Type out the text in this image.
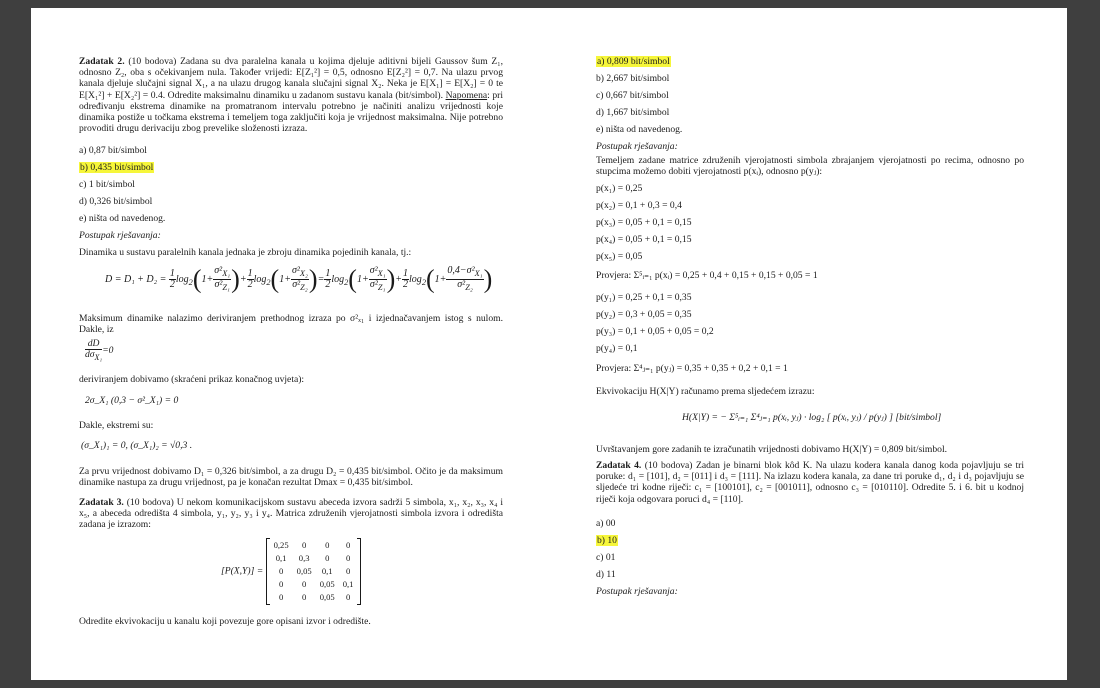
Zadatak 2. (10 bodova) Zadana su dva paralelna kanala u kojima djeluje aditivni bijeli Gaussov šum Z₁, odnosno Z₂, oba s očekivanjem nula. Također vrijedi: E[Z₁²] = 0,5, odnosno E[Z₂²] = 0,7. Na ulazu prvog kanala djeluje slučajni signal X₁, a na ulazu drugog kanala slučajni signal X₂. Neka je E[X₁] = E[X₂] = 0 te E[X₁²] + E[X₂²] = 0.4. Odredite maksimalnu dinamiku u zadanom sustavu kanala (bit/simbol). Napomena: pri određivanju ekstrema dinamike na promatranom intervalu potrebno je načiniti analizu vrijednosti koje dinamika postiže u točkama ekstrema i temeljem toga zaključiti koja je vrijednost maksimalna. Nije potrebno provoditi drugu derivaciju zbog prevelike složenosti izraza.
a) 0,87 bit/simbol
b) 0,435 bit/simbol
c) 1 bit/simbol
d) 0,326 bit/simbol
e) ništa od navedenog.
Postupak rješavanja:
Dinamika u sustavu paralelnih kanala jednaka je zbroju dinamika pojedinih kanala, tj.:
$D = D_1 + D_2 = \frac{1}{2} \log_2(1+ \frac{\sigma^2_{X_1}}{\sigma^2_{Z_1}}$ )+ $\frac{1}{2} \log_2(1+ \frac{\sigma^2_{X_2}}{\sigma^2_{Z_2}}$ )= $\frac{1}{2} \log_2(1+ \frac{\sigma^2_{X_1}}{\sigma^2_{Z_1}}$ )+ $\frac{1}{2} \log_2(1+ \frac{0,4-\sigma^2_{X_1}}{\sigma^2_{Z_2}}$ )
Maksimum dinamike nalazimo deriviranjem prethodnog izraza po σ²ₓ₁ i izjednačavanjem istog s nulom. Dakle, iz
$\frac{dD}{d\sigma_{X_1}} =0$
deriviranjem dobivamo (skraćeni prikaz konačnog uvjeta):
2σ_X₁ (0,3 − σ²_X₁) = 0
Dakle, ekstremi su:
(σ_X₁)₁ = 0, (σ_X₁)₂ = √0,3 .
Za prvu vrijednost dobivamo D₁ = 0,326 bit/simbol, a za drugu D₂ = 0,435 bit/simbol. Očito je da maksimum dinamike nastupa za drugu vrijednost, pa je konačan rezultat Dmax = 0,435 bit/simbol.
Zadatak 3. (10 bodova) U nekom komunikacijskom sustavu abeceda izvora sadrži 5 simbola, x₁, x₂, x₃, x₄ i x₅, a abeceda odredišta 4 simbola, y₁, y₂, y₃ i y₄. Matrica združenih vjerojatnosti simbola izvora i odredišta zadana je izrazom:
[P(X,Y)] =
0,25	0	0	0
0,1	0,3	0	0
0	0,05	0,1	0
0	0	0,05	0,1
0	0	0,05	0
Odredite ekvivokaciju u kanalu koji povezuje gore opisani izvor i odredište.
a) 0,809 bit/simbol
b) 2,667 bit/simbol
c) 0,667 bit/simbol
d) 1,667 bit/simbol
e) ništa od navedenog.
Postupak rješavanja:
Temeljem zadane matrice združenih vjerojatnosti simbola zbrajanjem vjerojatnosti po recima, odnosno po stupcima možemo dobiti vjerojatnosti p(xᵢ), odnosno p(yⱼ):
p(x₁) = 0,25
p(x₂) = 0,1 + 0,3 = 0,4
p(x₃) = 0,05 + 0,1 = 0,15
p(x₄) = 0,05 + 0,1 = 0,15
p(x₅) = 0,05
Provjera: Σ⁵ᵢ₌₁ p(xᵢ) = 0,25 + 0,4 + 0,15 + 0,15 + 0,05 = 1
p(y₁) = 0,25 + 0,1 = 0,35
p(y₂) = 0,3 + 0,05 = 0,35
p(y₃) = 0,1 + 0,05 + 0,05 = 0,2
p(y₄) = 0,1
Provjera: Σ⁴ⱼ₌₁ p(yⱼ) = 0,35 + 0,35 + 0,2 + 0,1 = 1
Ekvivokaciju H(X|Y) računamo prema sljedećem izrazu:
H(X|Y) = − Σ⁵ᵢ₌₁ Σ⁴ⱼ₌₁ p(xᵢ, yⱼ) · log₂ [ p(xᵢ, yⱼ) / p(yⱼ) ] [bit/simbol]
Uvrštavanjem gore zadanih te izračunatih vrijednosti dobivamo H(X|Y) = 0,809 bit/simbol.
Zadatak 4. (10 bodova) Zadan je binarni blok kôd K. Na ulazu kodera kanala danog koda pojavljuju se tri poruke: d₁ = [101], d₂ = [011] i d₃ = [111]. Na izlazu kodera kanala, za dane tri poruke d₁, d₂ i d₃ pojavljuju se sljedeće tri kodne riječi: c₁ = [100101], c₂ = [001011], odnosno c₃ = [010110]. Odredite 5. i 6. bit u kodnoj riječi koja odgovara poruci d₄ = [110].
a) 00
b) 10
c) 01
d) 11
Postupak rješavanja:
